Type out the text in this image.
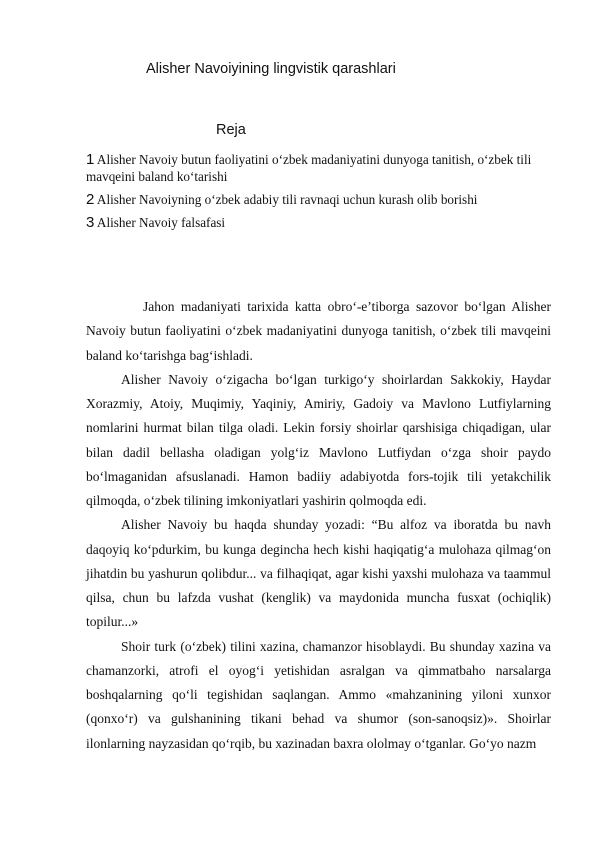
Alisher Navoiyining lingvistik qarashlari
Reja
1 Alisher Navoiy butun faoliyatini o‘zbek madaniyatini dunyoga tanitish, o‘zbek tili mavqeini baland ko‘tarishi
2 Alisher Navoiyning o‘zbek adabiy tili ravnaqi uchun kurash olib borishi
3 Alisher Navoiy falsafasi

Jahon madaniyati tarixida katta obro‘-e’tiborga sazovor bo‘lgan Alisher Navoiy butun faoliyatini o‘zbek madaniyatini dunyoga tanitish, o‘zbek tili mavqeini baland ko‘tarishga bag‘ishladi.

Alisher Navoiy o‘zigacha bo‘lgan turkigo‘y shoirlardan Sakkokiy, Haydar Xorazmiy, Atoiy, Muqimiy, Yaqiniy, Amiriy, Gadoiy va Mavlono Lutfiylarning nomlarini hurmat bilan tilga oladi. Lekin forsiy shoirlar qarshisiga chiqadigan, ular bilan dadil bellasha oladigan yolg‘iz Mavlono Lutfiydan o‘zga shoir paydo bo‘lmaganidan afsuslanadi. Hamon badiiy adabiyotda fors-tojik tili yetakchilik qilmoqda, o‘zbek tilining imkoniyatlari yashirin qolmoqda edi.

Alisher Navoiy bu haqda shunday yozadi: “Bu alfoz va iboratda bu navh daqoyiq ko‘pdurkim, bu kunga degincha hech kishi haqiqatig‘a mulohaza qilmag‘on jihatdin bu yashurun qolibdur... va filhaqiqat, agar kishi yaxshi mulohaza va taammul qilsa, chun bu lafzda vushat (kenglik) va maydonida muncha fusxat (ochiqlik) topilur...»

Shoir turk (o‘zbek) tilini xazina, chamanzor hisoblaydi. Bu shunday xazina va chamanzorki, atrofi el oyog‘i yetishidan asralgan va qimmatbaho narsalarga boshqalarning qo‘li tegishidan saqlangan. Ammo «mahzanining yiloni xunxor (qonxo‘r) va gulshanining tikani behad va shumor (son-sanoqsiz)». Shoirlar ilonlarning nayzasidan qo‘rqib, bu xazinadan baxra ololmay o‘tganlar. Go‘yo nazm
